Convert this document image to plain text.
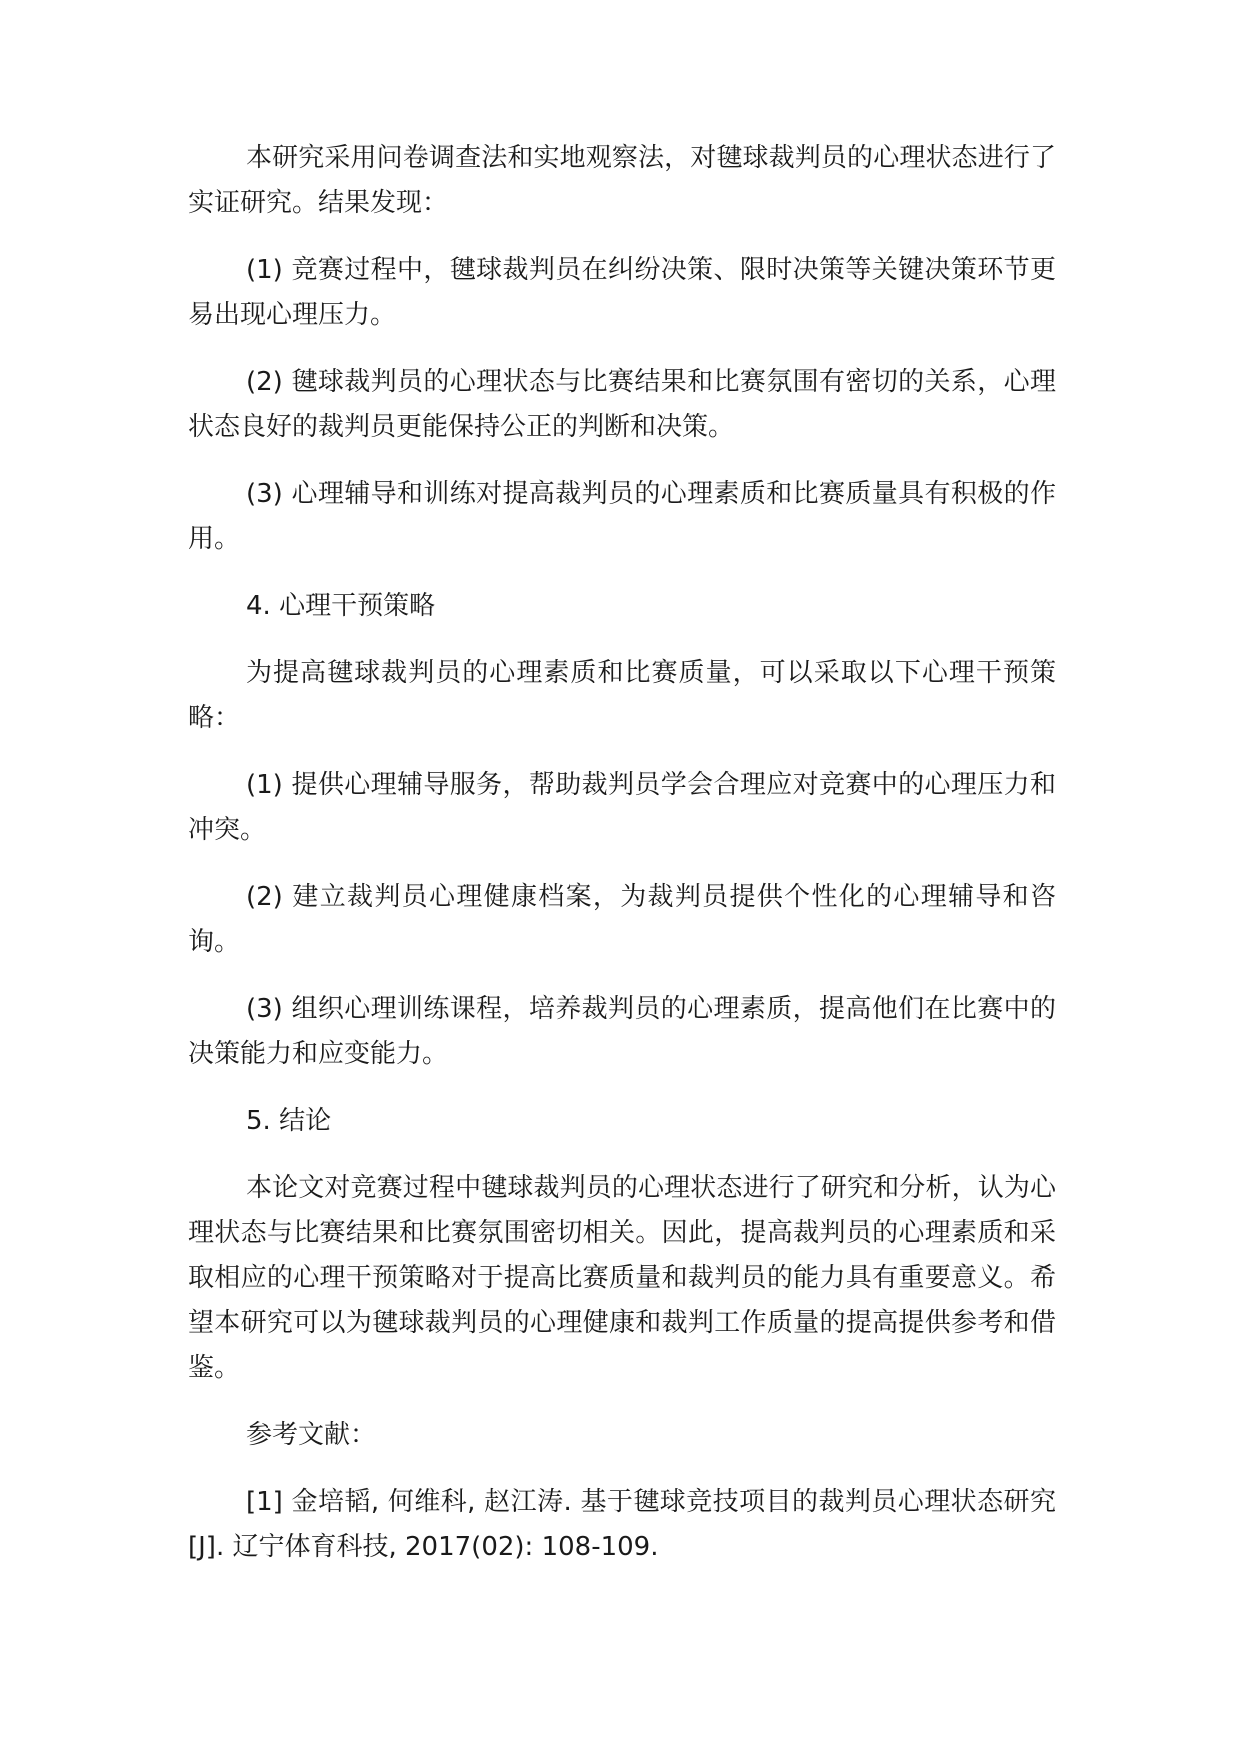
本研究采用问卷调查法和实地观察法，对毽球裁判员的心理状态进行了实证研究。结果发现：

(1) 竞赛过程中，毽球裁判员在纠纷决策、限时决策等关键决策环节更易出现心理压力。

(2) 毽球裁判员的心理状态与比赛结果和比赛氛围有密切的关系，心理状态良好的裁判员更能保持公正的判断和决策。

(3) 心理辅导和训练对提高裁判员的心理素质和比赛质量具有积极的作用。

4. 心理干预策略

为提高毽球裁判员的心理素质和比赛质量，可以采取以下心理干预策略：

(1) 提供心理辅导服务，帮助裁判员学会合理应对竞赛中的心理压力和冲突。

(2) 建立裁判员心理健康档案，为裁判员提供个性化的心理辅导和咨询。

(3) 组织心理训练课程，培养裁判员的心理素质，提高他们在比赛中的决策能力和应变能力。

5. 结论

本论文对竞赛过程中毽球裁判员的心理状态进行了研究和分析，认为心理状态与比赛结果和比赛氛围密切相关。因此，提高裁判员的心理素质和采取相应的心理干预策略对于提高比赛质量和裁判员的能力具有重要意义。希望本研究可以为毽球裁判员的心理健康和裁判工作质量的提高提供参考和借鉴。

参考文献：

[1] 金培韬, 何维科, 赵江涛. 基于毽球竞技项目的裁判员心理状态研究[J]. 辽宁体育科技, 2017(02): 108-109.
